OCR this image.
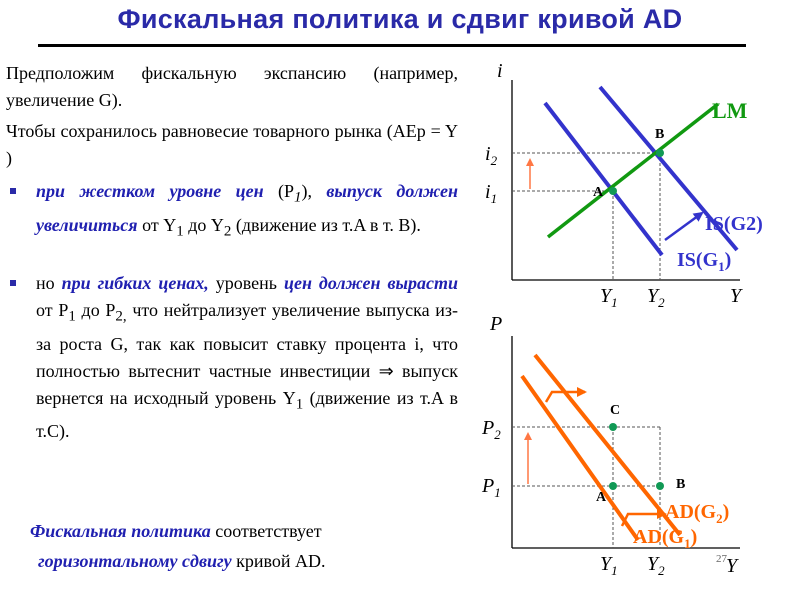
Фискальная политика и сдвиг кривой AD
Предположим фискальную экспансию (например, увеличение G).
Чтобы сохранилось равновесие товарного рынка (AEp = Y )
при жестком уровне цен $(P_1)$, выпуск должен увеличиться от $Y_1$ до $Y_2$ (движение из т.A в т. B).
но при гибких ценах, уровень цен должен вырасти от $P_1$ до $P_{2,}$ что нейтрализует увеличение выпуска из-за роста G, так как повысит ставку процента i, что полностью вытеснит частные инвестиции ⇒ выпуск вернется на исходный уровень $Y_1$ (движение из т.A в т.C).
Фискальная политика соответствует
горизонтальному сдвигу кривой AD.
i
Y
A
B
LM
IS(G2)
$IS(G_1)$
$i_2$
$i_1$
$Y_1$ $Y_2$
P
Y
27
C
A
B
$AD(G_2)$
$AD(G_1)$
$P_2$
$P_1$
$Y_1$ $Y_2$
